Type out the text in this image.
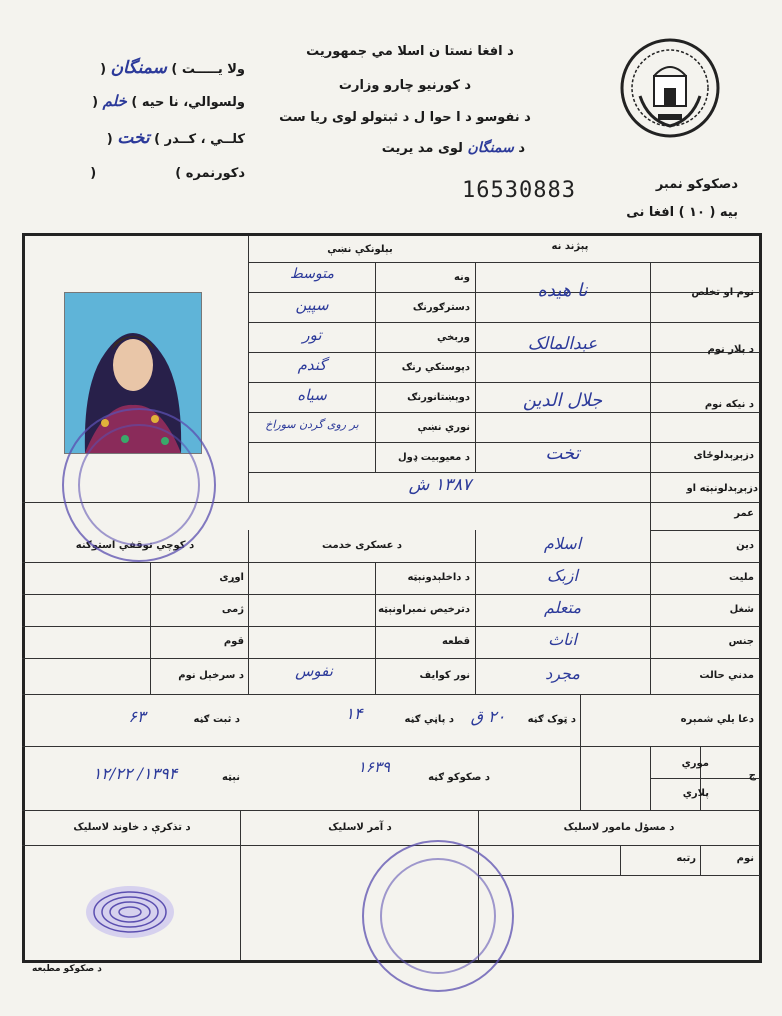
ولا يـــــت ) سمنگان (
ولسوالي، نا حيه ) خلم (
کلــي ، کــدر ) تخت (
دکورنمره )  (
د افغا نستا ن اسلا مي جمهوريت
د کورنيو چارو وزارت
د نفوسو د ا حوا ل د ثبتولو لوی ريا ست
د سمنگان لوی مد يريت
دصکوکو نمبر
بيه ( ۱۰ ) افغا نی
16530883
پېژند نه
بېلونکې نښې
نوم او تخلص
د پلار نوم
د نيکه نوم
دزېږېدلوځای
دزېږېدلونېټه او
عمر
دين
مليت
شغل
جنس
مدني حالت
دعا يلي شمېره
ج
موري
پلاري
نا هيده
عبدالمالک
جلال الدين
تخت
۱۳۸۷ ش
اسلام
ازبک
متعلم
اناث
مجرد
ونه
دسترګورنګ
وربخي
دپوستکي رنګ
دوېښتانورنګ
نوري نښې
د معيوبيت ډول
متوسط
سپين
تور
گندم
سياه
بر روی گردن سوراخ
د عسکری خدمت
د کوچي توقفي استوګنه
د داخلېدونېټه
اوړی
دترخيص نمبراونېټه
ژمی
قطعه
قوم
نور کوايف
نفوس
د سرخېل نوم
د ټوک ګڼه
۲۰ ق
د پاڼي ګڼه
۱۴
د ثبت ګڼه
۶۳
د صکوکو ګڼه
۱۶۳۹
نېټه
۱۳۹۴/ ۱۲/۲۲
د مسؤل مامور لاسليک
د آمر لاسليک
د تذکرې د خاوند لاسليک
نوم
رتبه
د صکوکو مطبعه
